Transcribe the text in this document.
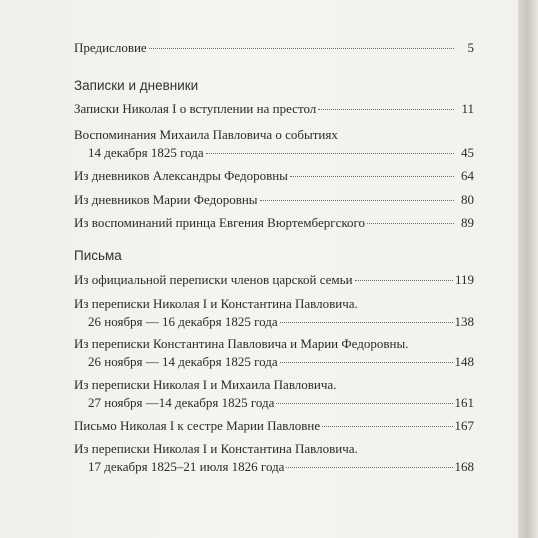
Предисловие	5
Записки и дневники
Записки Николая I о вступлении на престол	11
Воспоминания Михаила Павловича о событиях
14 декабря 1825 года	45
Из дневников Александры Федоровны	64
Из дневников Марии Федоровны	80
Из воспоминаний принца Евгения Вюртембергского	89
Письма
Из официальной переписки членов царской семьи	119
Из переписки Николая I и Константина Павловича.
26 ноября — 16 декабря 1825 года	138
Из переписки Константина Павловича и Марии Федоровны.
26 ноября — 14 декабря 1825 года	148
Из переписки Николая I и Михаила Павловича.
27 ноября —14 декабря 1825 года	161
Письмо Николая I к сестре Марии Павловне	167
Из переписки Николая I и Константина Павловича.
17 декабря 1825–21 июля 1826 года	168
